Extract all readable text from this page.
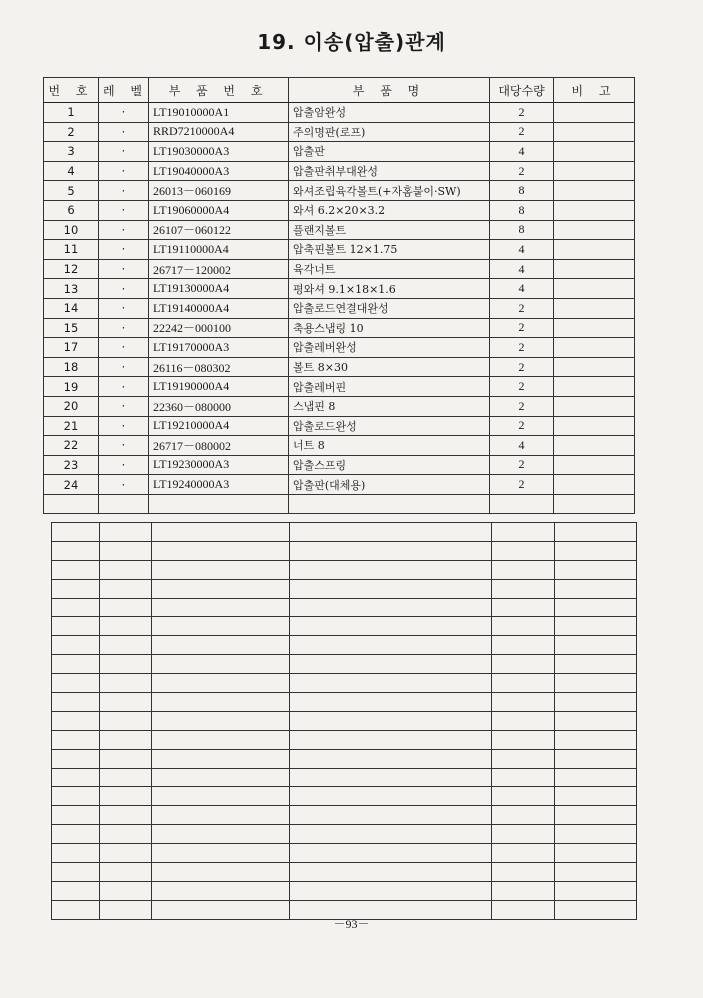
19. 이송(압출)관계
번 호	레 벨	부 품 번 호	부 품 명	대당수량	비 고
1	·	LT19010000A1	압출암완성	2	
2	·	RRD7210000A4	주의명판(로프)	2	
3	·	LT19030000A3	압출판	4	
4	·	LT19040000A3	압출판취부대완성	2	
5	·	26013－060169	와셔조립육각볼트(+자홈붙이·SW)	8	
6	·	LT19060000A4	와셔 6.2×20×3.2	8	
10	·	26107－060122	플랜지볼트	8	
11	·	LT19110000A4	압축핀볼트 12×1.75	4	
12	·	26717－120002	육각너트	4	
13	·	LT19130000A4	평와셔 9.1×18×1.6	4	
14	·	LT19140000A4	압출로드연결대완성	2	
15	·	22242－000100	축용스냅링 10	2	
17	·	LT19170000A3	압출레버완성	2	
18	·	26116－080302	볼트 8×30	2	
19	·	LT19190000A4	압출레버핀	2	
20	·	22360－080000	스냅핀 8	2	
21	·	LT19210000A4	압출로드완성	2	
22	·	26717－080002	너트 8	4	
23	·	LT19230000A3	압출스프링	2	
24	·	LT19240000A3	압출판(대체용)	2	

－93－
